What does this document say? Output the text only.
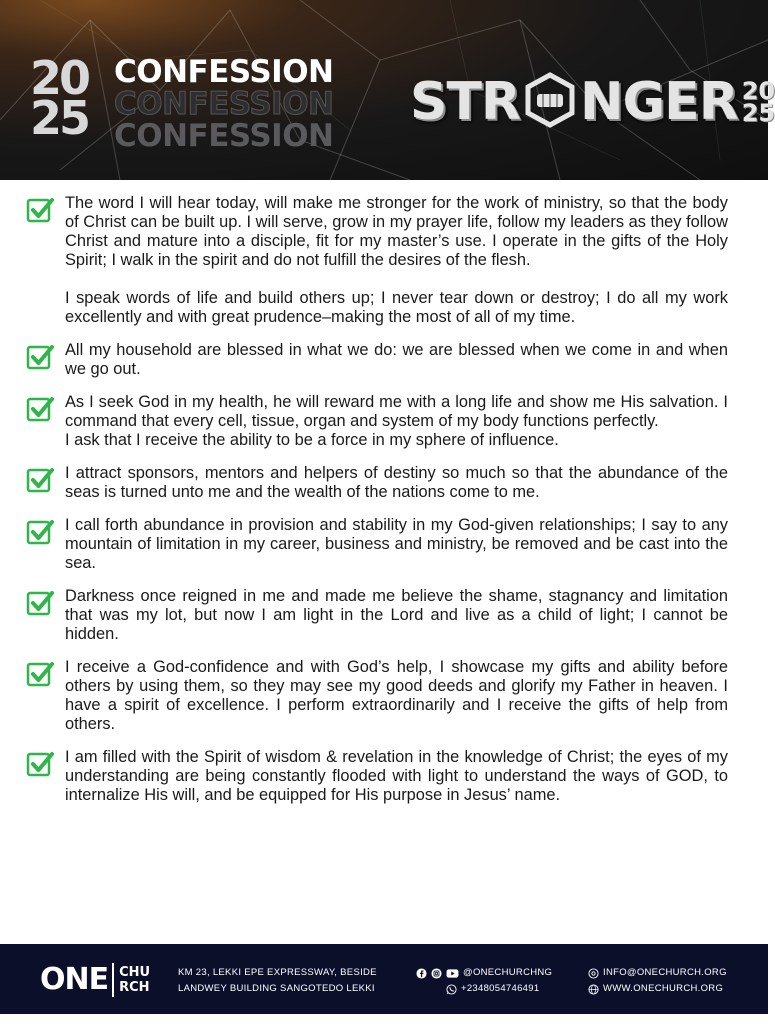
20
25
CONFESSION
CONFESSION
CONFESSION
STR NGER 20
25

The word I will hear today, will make me stronger for the work of ministry, so that the body of Christ can be built up. I will serve, grow in my prayer life, follow my leaders as they follow Christ and mature into a disciple, fit for my master’s use. I operate in the gifts of the Holy Spirit; I walk in the spirit and do not fulfill the desires of the flesh.

I speak words of life and build others up; I never tear down or destroy; I do all my work excellently and with great prudence–making the most of all of my time.

All my household are blessed in what we do: we are blessed when we come in and when we go out.

As I seek God in my health, he will reward me with a long life and show me His salvation. I command that every cell, tissue, organ and system of my body functions perfectly.

I ask that I receive the ability to be a force in my sphere of influence.

I attract sponsors, mentors and helpers of destiny so much so that the abundance of the seas is turned unto me and the wealth of the nations come to me.

I call forth abundance in provision and stability in my God-given relationships; I say to any mountain of limitation in my career, business and ministry, be removed and be cast into the sea.

Darkness once reigned in me and made me believe the shame, stagnancy and limitation that was my lot, but now I am light in the Lord and live as a child of light; I cannot be hidden.

I receive a God-confidence and with God’s help, I showcase my gifts and ability before others by using them, so they may see my good deeds and glorify my Father in heaven. I have a spirit of excellence. I perform extraordinarily and I receive the gifts of help from others.

I am filled with the Spirit of wisdom & revelation in the knowledge of Christ; the eyes of my understanding are being constantly flooded with light to understand the ways of GOD, to internalize His will, and be equipped for His purpose in Jesus’ name.

ONE CHU
RCH
KM 23, LEKKI EPE EXPRESSWAY, BESIDE
LANDWEY BUILDING SANGOTEDO LEKKI
@ONECHURCHNG
+2348054746491
INFO@ONECHURCH.ORG
WWW.ONECHURCH.ORG
